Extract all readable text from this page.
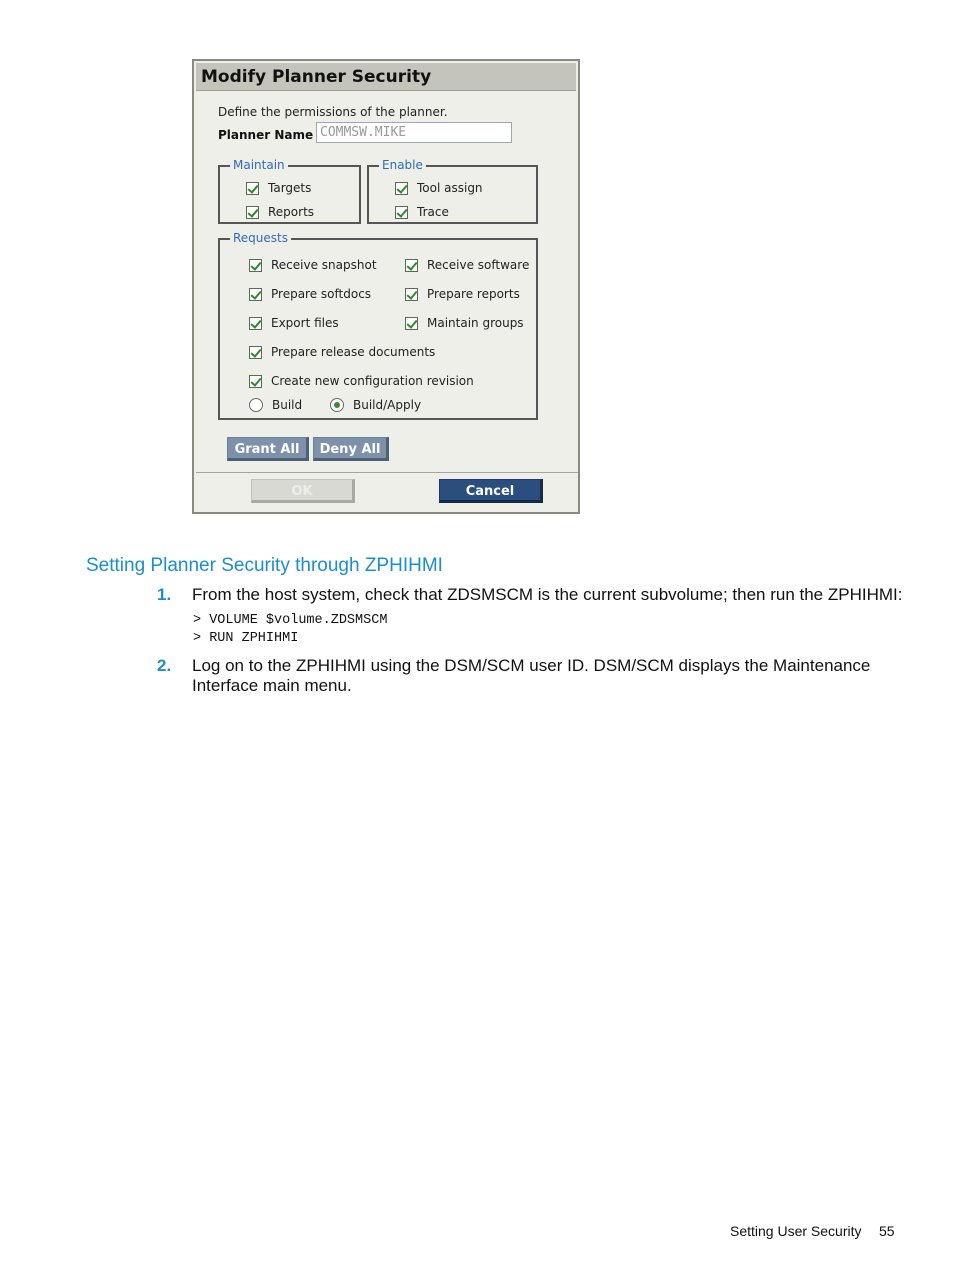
Modify Planner Security
Define the permissions of the planner.
Planner Name COMMSW.MIKE
Maintain
Targets
Reports
Enable
Tool assign
Trace
Requests
Receive snapshot	Receive software
Prepare softdocs	Prepare reports
Export files	Maintain groups
Prepare release documents
Create new configuration revision
Build	Build/Apply
Grant All	Deny All
OK	Cancel
Setting Planner Security through ZPHIHMI
1. From the host system, check that ZDSMSCM is the current subvolume; then run the ZPHIHMI:
> VOLUME $volume.ZDSMSCM
> RUN ZPHIHMI
2. Log on to the ZPHIHMI using the DSM/SCM user ID. DSM/SCM displays the Maintenance
Interface main menu.
Setting User Security 55
